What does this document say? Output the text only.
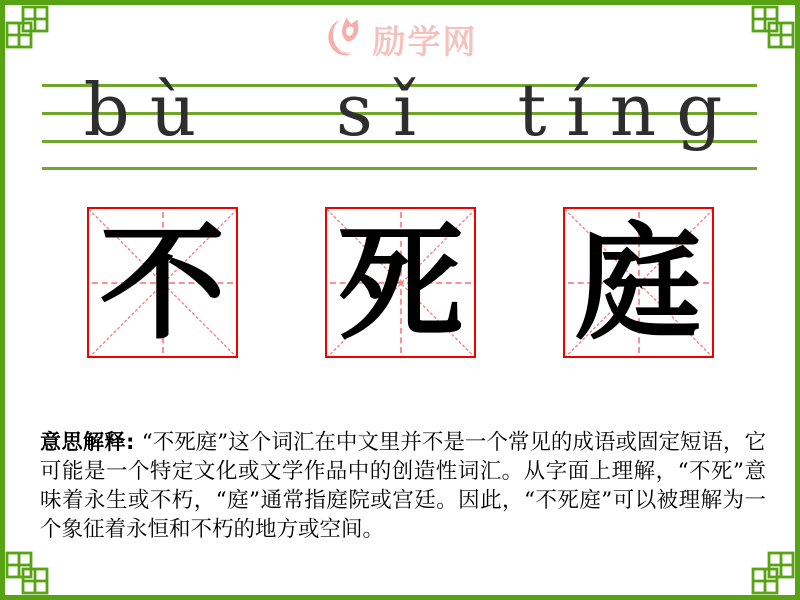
励学网
bù sǐ tíng
不 死 庭

意思解释: “不死庭”这个词汇在中文里并不是一个常见的成语或固定短语，它可能是一个特定文化或文学作品中的创造性词汇。从字面上理解，“不死”意味着永生或不朽，“庭”通常指庭院或宫廷。因此，“不死庭”可以被理解为一个象征着永恒和不朽的地方或空间。
